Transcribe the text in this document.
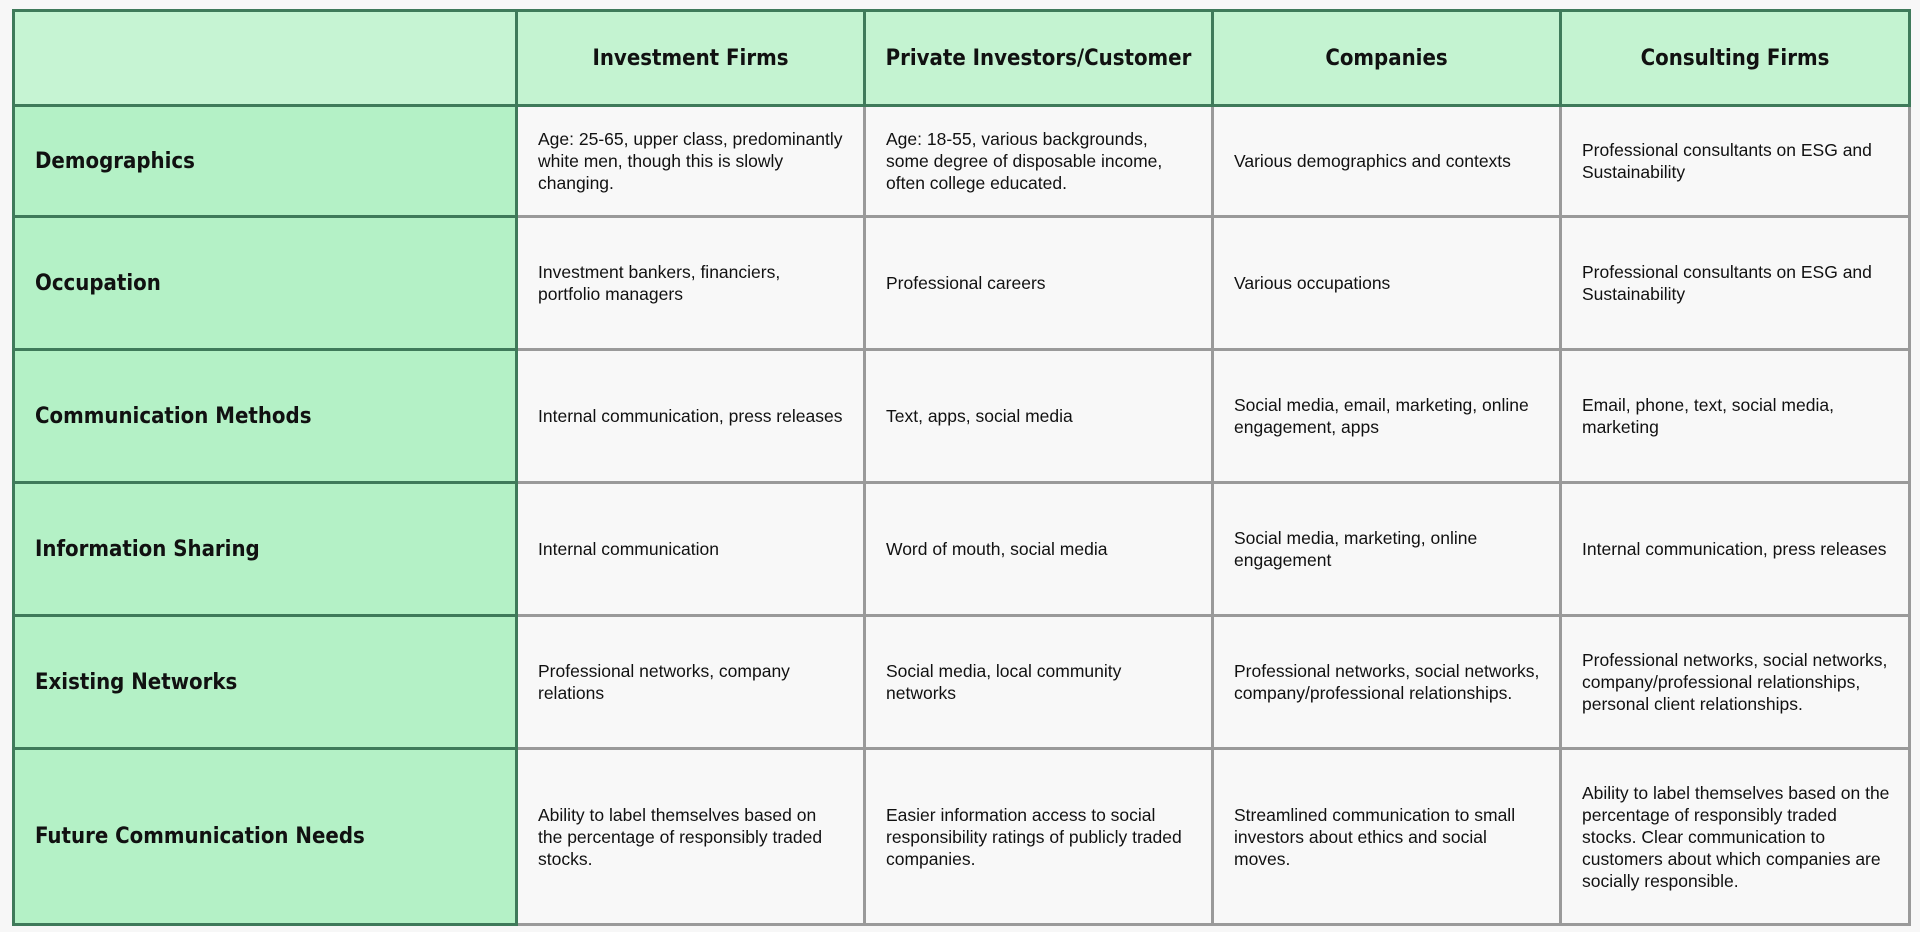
	Investment Firms	Private Investors/Customer	Companies	Consulting Firms
Demographics	Age: 25-65, upper class, predominantly white men, though this is slowly changing.	Age: 18-55, various backgrounds, some degree of disposable income, often college educated.	Various demographics and contexts	Professional consultants on ESG and Sustainability
Occupation	Investment bankers, financiers, portfolio managers	Professional careers	Various occupations	Professional consultants on ESG and Sustainability
Communication Methods	Internal communication, press releases	Text, apps, social media	Social media, email, marketing, online engagement, apps	Email, phone, text, social media, marketing
Information Sharing	Internal communication	Word of mouth, social media	Social media, marketing, online engagement	Internal communication, press releases
Existing Networks	Professional networks, company relations	Social media, local community networks	Professional networks, social networks, company/professional relationships.	Professional networks, social networks, company/professional relationships, personal client relationships.
Future Communication Needs	Ability to label themselves based on the percentage of responsibly traded stocks.	Easier information access to social responsibility ratings of publicly traded companies.	Streamlined communication to small investors about ethics and social moves.	Ability to label themselves based on the percentage of responsibly traded stocks. Clear communication to customers about which companies are socially responsible.
